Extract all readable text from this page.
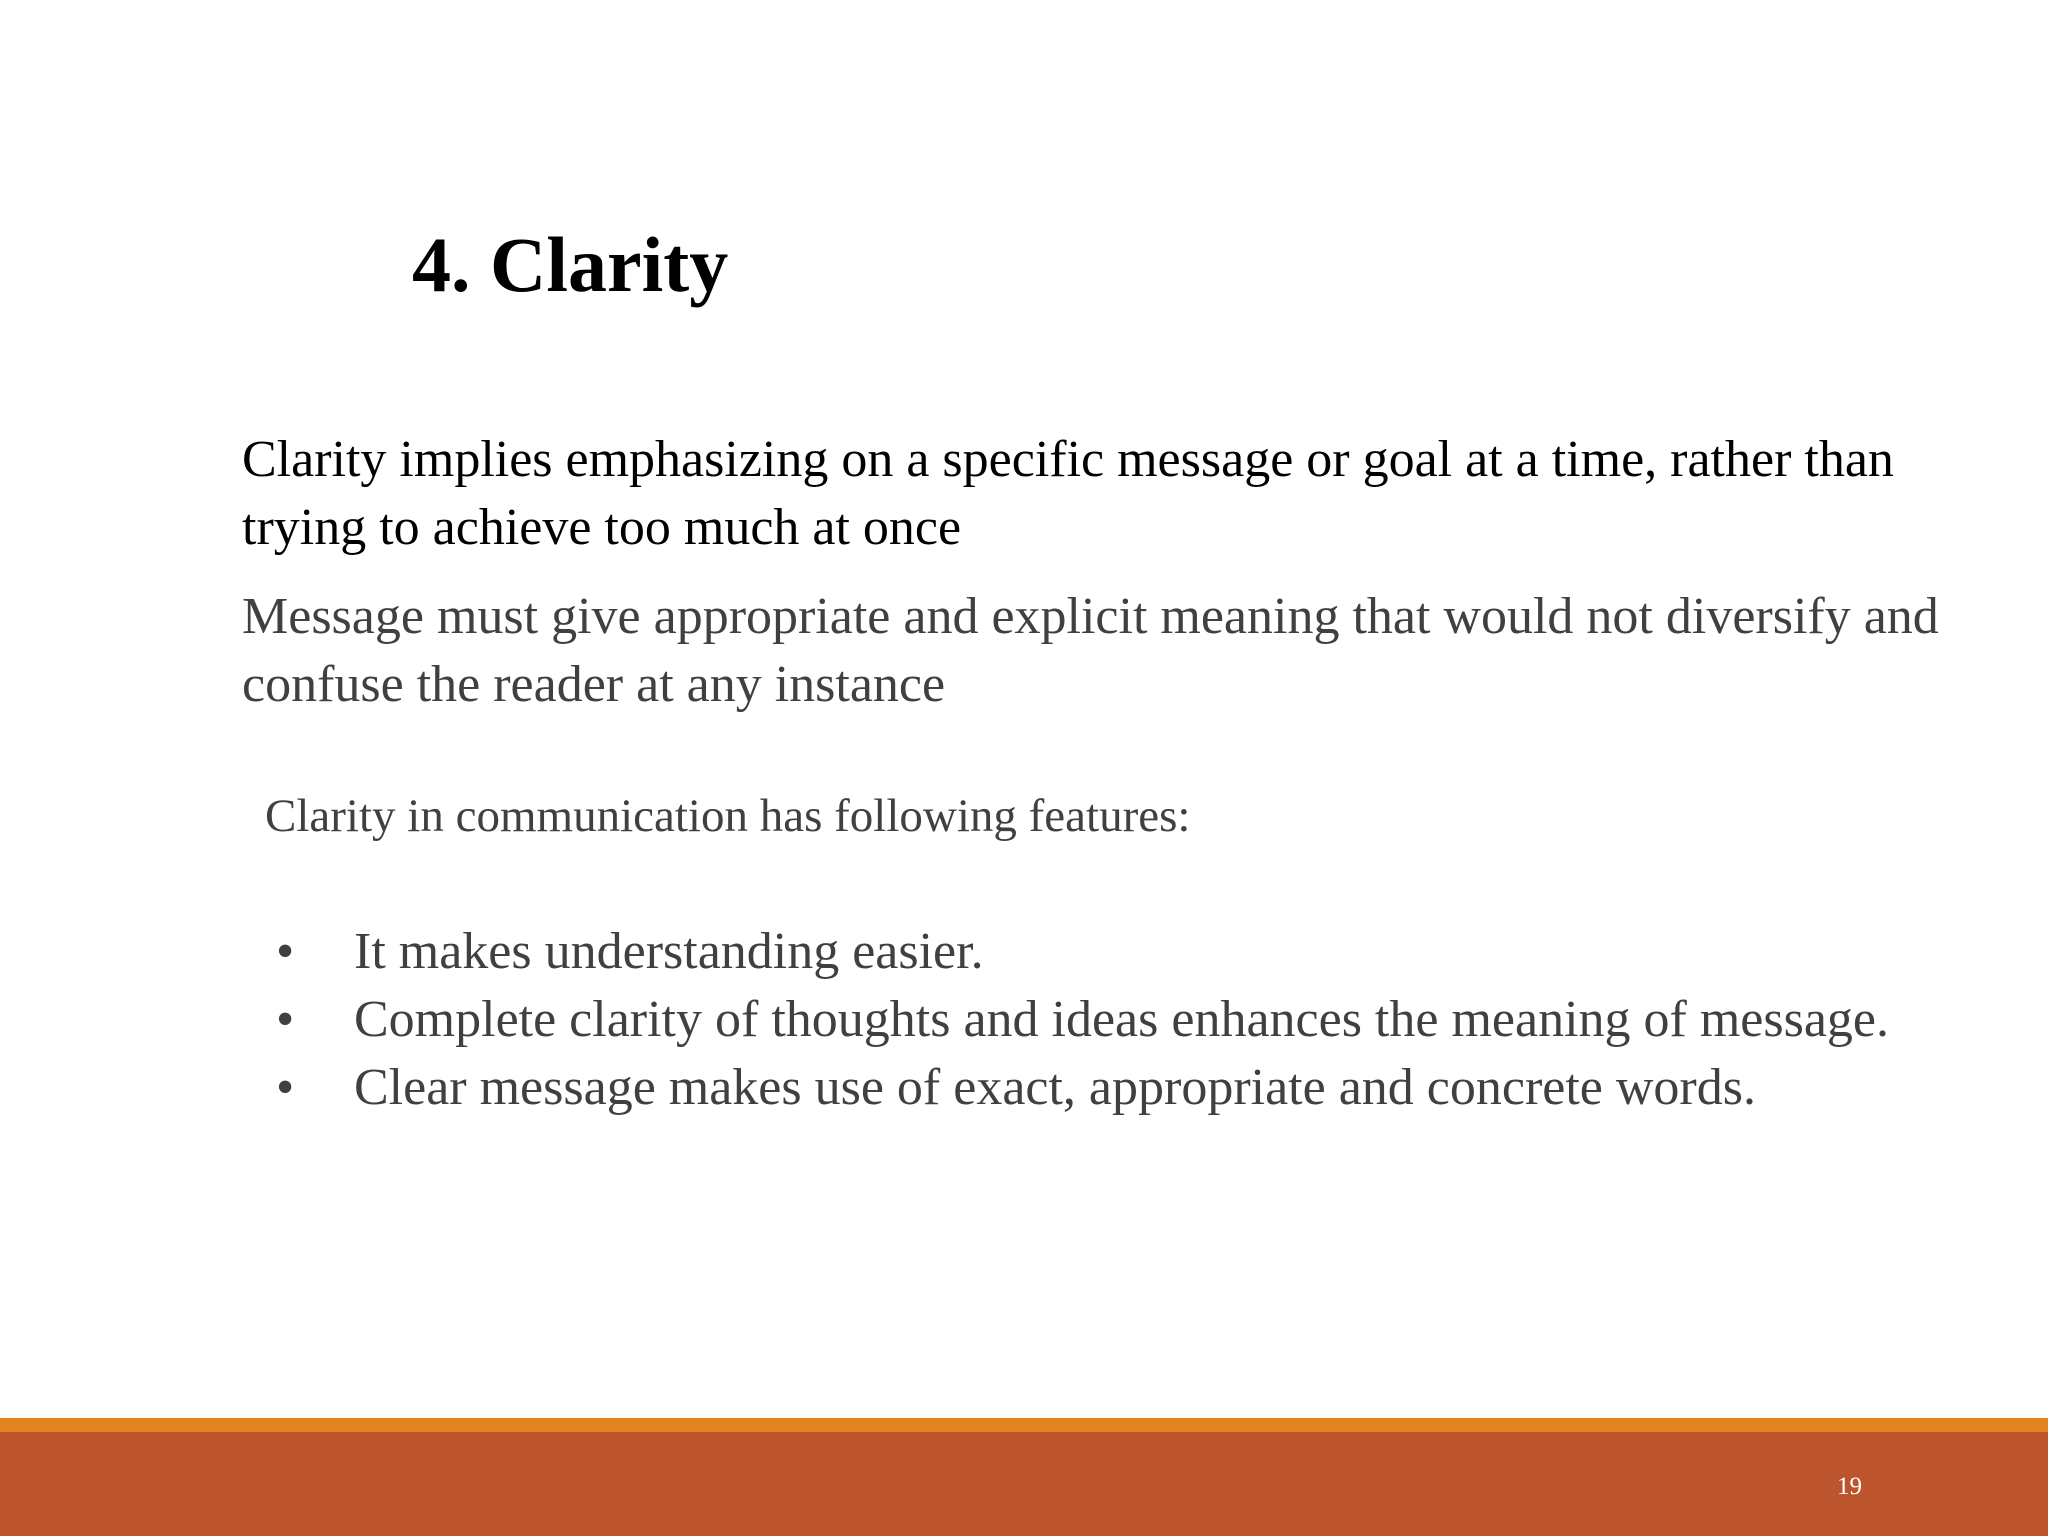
4. Clarity

Clarity implies emphasizing on a specific message or goal at a time, rather than trying to achieve too much at once

Message must give appropriate and explicit meaning that would not diversify and confuse the reader at any instance

Clarity in communication has following features:

• It makes understanding easier.
• Complete clarity of thoughts and ideas enhances the meaning of message.
• Clear message makes use of exact, appropriate and concrete words.
19
